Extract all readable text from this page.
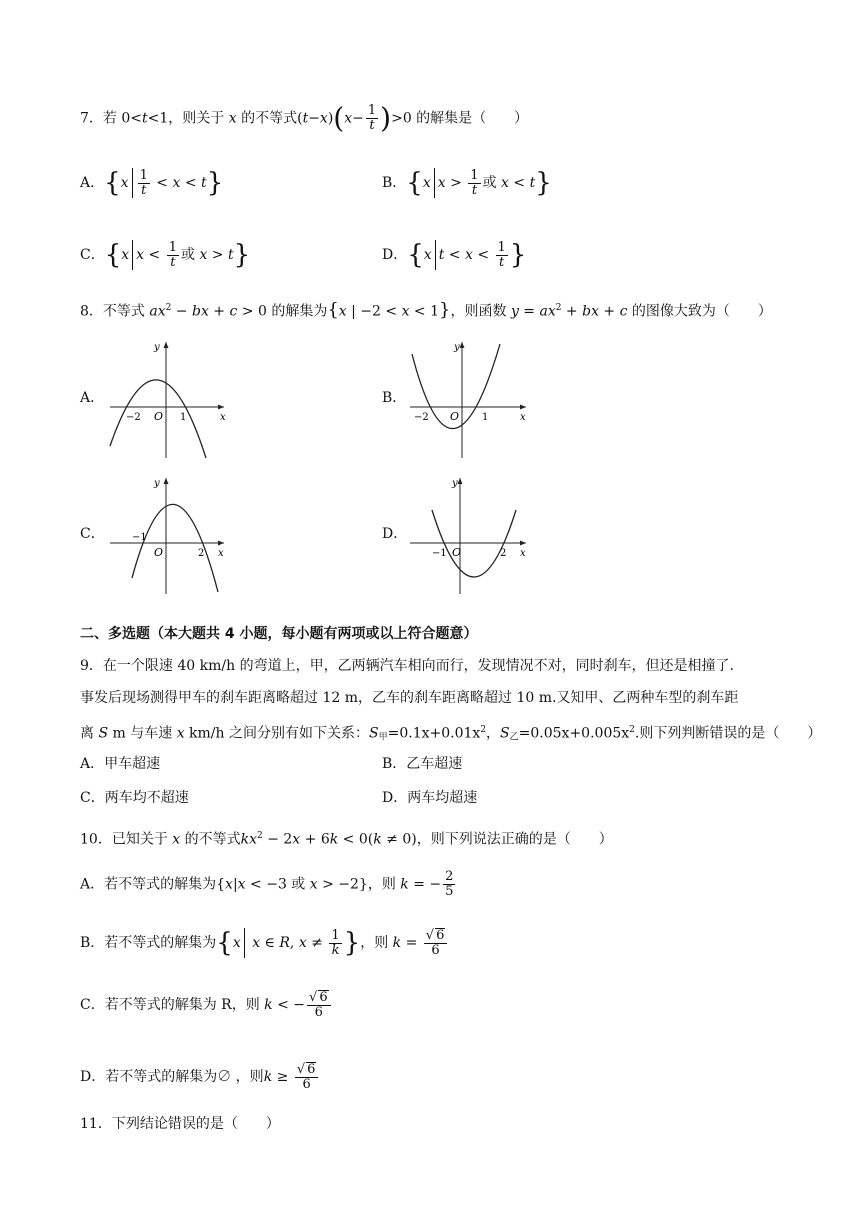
7．若 0<t<1，则关于 x 的不等式$(t-x)(x- \frac{1}{t} )>0$ 的解集是（　　）
A．$\{x \frac{1}{t} < x < t\}$	B．{x $x > \frac{1}{t}$ 或 x < t}
C．{x $x < \frac{1}{t}$ 或 x > t}	D．{x $t < x < \frac{1}{t}$ }
8．不等式 $ax^2$ − bx + c > 0 的解集为{x | −2 < x < 1}，则函数 $y = ax^2$ + bx + c 的图像大致为（　　）
A．	B．
C．	D．
y
x
O
−2	1
y
x
O
−2	1
y
x
O
−1
2
y
x
O
−1	2
二、多选题（本大题共 4 小题，每小题有两项或以上符合题意）
9．在一个限速 40 km/h 的弯道上，甲，乙两辆汽车相向而行，发现情况不对，同时刹车，但还是相撞了.
事发后现场测得甲车的刹车距离略超过 12 m，乙车的刹车距离略超过 10 m.又知甲、乙两种车型的刹车距
离 S m 与车速 x km/h 之间分别有如下关系：$S_甲=0.1x+0.01x^2$，$S_乙=0.05x+0.005x^2$.则下列判断错误的是（　　）
A．甲车超速	B．乙车超速
C．两车均不超速	D．两车均超速
10．已知关于 x 的不等式$kx^2 - 2x + 6k < 0(k \ne 0)$，则下列说法正确的是（　　）
A．若不等式的解集为{x|x < −3 或 x > −2}，则 k = − $\frac{2}{5}$
B．若不等式的解集为{x x ∈ R, $x \ne \frac{1}{k}$ }，则 $k = \frac{√ 6}{6}$
C．若不等式的解集为 R，则 k < − $\frac{√ 6}{6}$
D．若不等式的解集为∅ ，则$k \ge \frac{√ 6}{6}$
11．下列结论错误的是（　　）
